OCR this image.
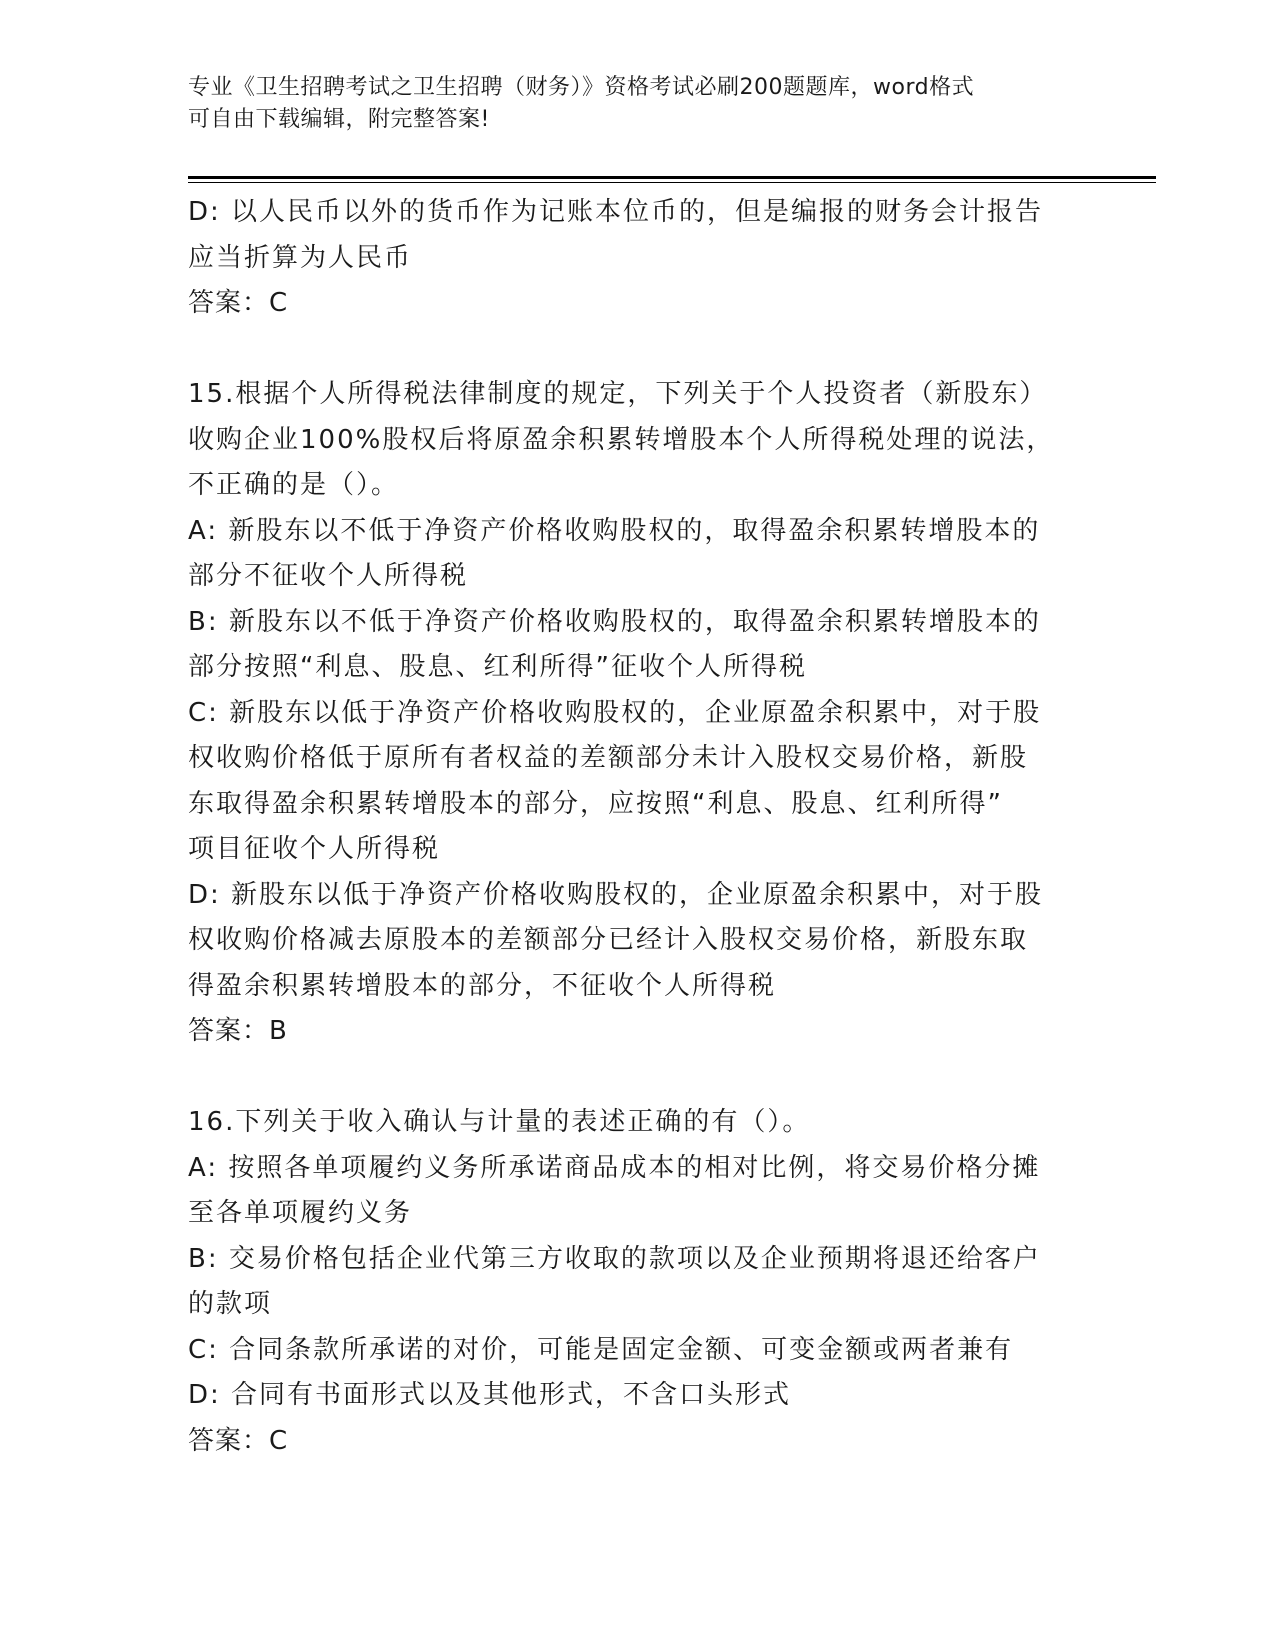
专业《卫生招聘考试之卫生招聘（财务）》资格考试必刷200题题库，word格式
可自由下载编辑，附完整答案!
D: 以人民币以外的货币作为记账本位币的，但是编报的财务会计报告
应当折算为人民币
答案：C
15.根据个人所得税法律制度的规定，下列关于个人投资者（新股东）
收购企业100%股权后将原盈余积累转增股本个人所得税处理的说法，
不正确的是（）。
A: 新股东以不低于净资产价格收购股权的，取得盈余积累转增股本的
部分不征收个人所得税
B: 新股东以不低于净资产价格收购股权的，取得盈余积累转增股本的
部分按照“利息、股息、红利所得”征收个人所得税
C: 新股东以低于净资产价格收购股权的，企业原盈余积累中，对于股
权收购价格低于原所有者权益的差额部分未计入股权交易价格，新股
东取得盈余积累转增股本的部分，应按照“利息、股息、红利所得”
项目征收个人所得税
D: 新股东以低于净资产价格收购股权的，企业原盈余积累中，对于股
权收购价格减去原股本的差额部分已经计入股权交易价格，新股东取
得盈余积累转增股本的部分，不征收个人所得税
答案：B
16.下列关于收入确认与计量的表述正确的有（）。
A: 按照各单项履约义务所承诺商品成本的相对比例，将交易价格分摊
至各单项履约义务
B: 交易价格包括企业代第三方收取的款项以及企业预期将退还给客户
的款项
C: 合同条款所承诺的对价，可能是固定金额、可变金额或两者兼有
D: 合同有书面形式以及其他形式，不含口头形式
答案：C
